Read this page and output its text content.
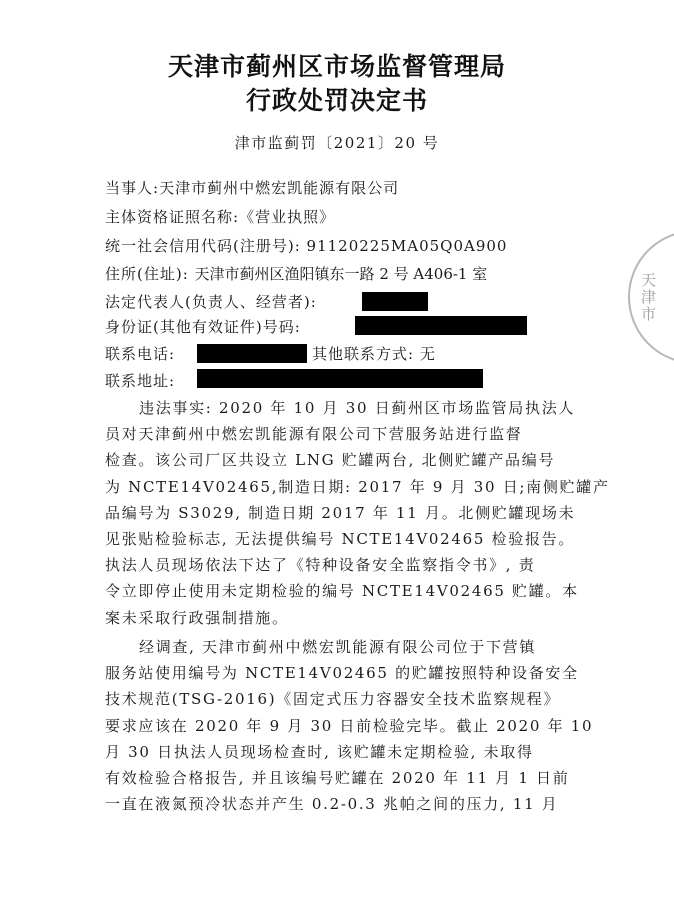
天津市蓟州区市场监督管理局
行政处罚决定书
津市监蓟罚〔2021〕20 号
当事人:天津市蓟州中燃宏凯能源有限公司
主体资格证照名称:《营业执照》
统一社会信用代码(注册号): 91120225MA05Q0A900
住所(住址): 天津市蓟州区渔阳镇东一路 2 号 A406-1 室
法定代表人(负责人、经营者):
身份证(其他有效证件)号码:
联系电话:	其他联系方式: 无
联系地址:
违法事实: 2020 年 10 月 30 日蓟州区市场监管局执法人
员对天津蓟州中燃宏凯能源有限公司下营服务站进行监督
检查。该公司厂区共设立 LNG 贮罐两台, 北侧贮罐产品编号
为 NCTE14V02465,制造日期: 2017 年 9 月 30 日;南侧贮罐产
品编号为 S3029, 制造日期 2017 年 11 月。北侧贮罐现场未
见张贴检验标志, 无法提供编号 NCTE14V02465 检验报告。
执法人员现场依法下达了《特种设备安全监察指令书》, 责
令立即停止使用未定期检验的编号 NCTE14V02465 贮罐。本
案未采取行政强制措施。
经调查, 天津市蓟州中燃宏凯能源有限公司位于下营镇
服务站使用编号为 NCTE14V02465 的贮罐按照特种设备安全
技术规范(TSG-2016)《固定式压力容器安全技术监察规程》
要求应该在 2020 年 9 月 30 日前检验完毕。截止 2020 年 10
月 30 日执法人员现场检查时, 该贮罐未定期检验, 未取得
有效检验合格报告, 并且该编号贮罐在 2020 年 11 月 1 日前
一直在液氮预冷状态并产生 0.2-0.3 兆帕之间的压力, 11 月
天津市
